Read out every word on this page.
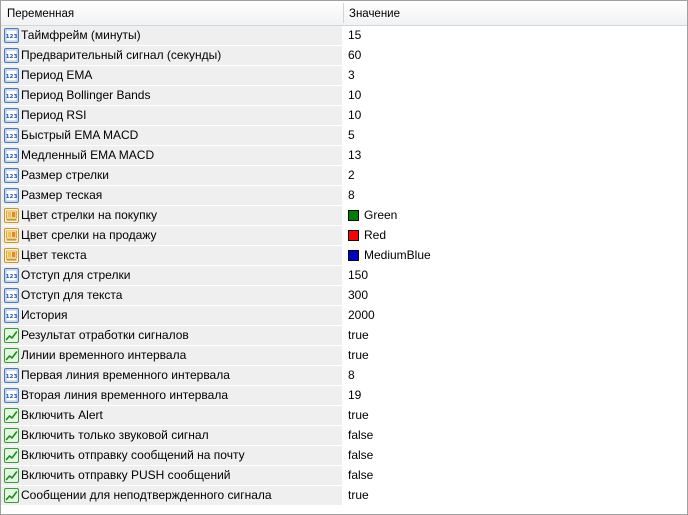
Переменная	Значение
123 Таймфрейм (минуты)	15
123 Предварительный сигнал (секунды)	60
123 Период EMA	3
123 Период Bollinger Bands	10
123 Период RSI	10
123 Быстрый EMA MACD	5
123 Медленный EMA MACD	13
123 Размер стрелки	2
123 Размер теская	8
Цвет стрелки на покупку	Green
Цвет срелки на продажу	Red
Цвет текста	MediumBlue
123 Отступ для стрелки	150
123 Отступ для текста	300
123 История	2000
Результат отработки сигналов	true
Линии временного интервала	true
123 Первая линия временного интервала	8
123 Вторая линия временного интервала	19
Включить Alert	true
Включить только звуковой сигнал	false
Включить отправку сообщений на почту	false
Включить отправку PUSH сообщений	false
Сообщении для неподтвержденного сигнала	true
